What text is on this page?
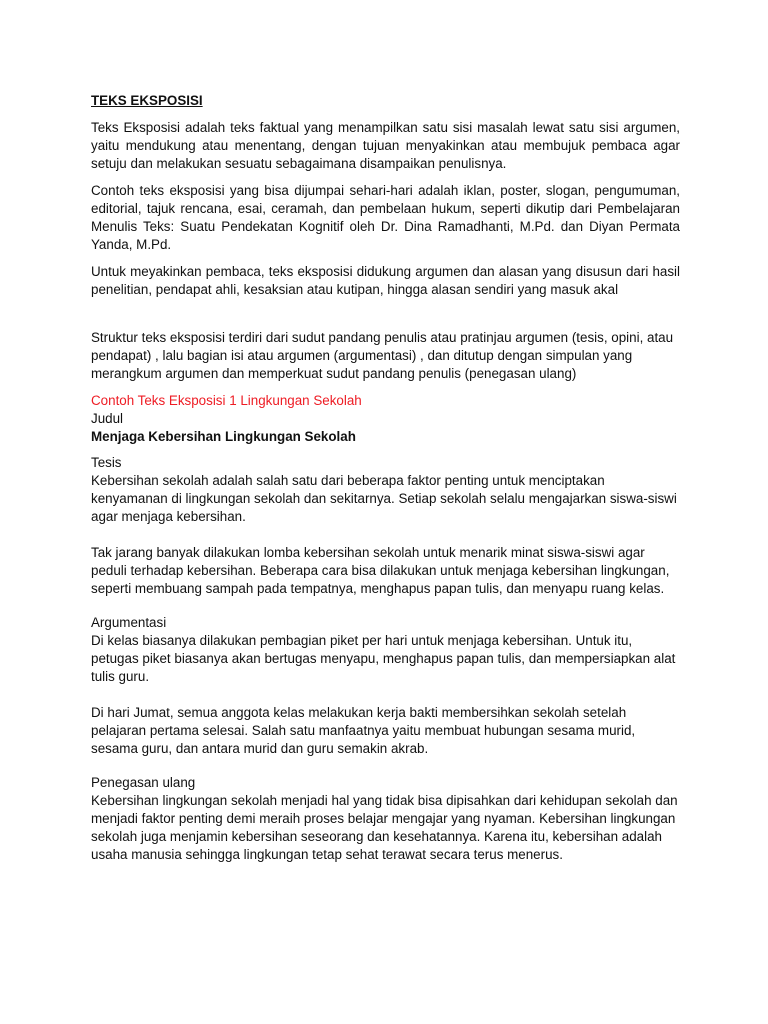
TEKS EKSPOSISI

Teks Eksposisi adalah teks faktual yang menampilkan satu sisi masalah lewat satu sisi argumen, yaitu mendukung atau menentang, dengan tujuan menyakinkan atau membujuk pembaca agar setuju dan melakukan sesuatu sebagaimana disampaikan penulisnya.

Contoh teks eksposisi yang bisa dijumpai sehari-hari adalah iklan, poster, slogan, pengumuman, editorial, tajuk rencana, esai, ceramah, dan pembelaan hukum, seperti dikutip dari Pembelajaran Menulis Teks: Suatu Pendekatan Kognitif oleh Dr. Dina Ramadhanti, M.Pd. dan Diyan Permata Yanda, M.Pd.

Untuk meyakinkan pembaca, teks eksposisi didukung argumen dan alasan yang disusun dari hasil penelitian, pendapat ahli, kesaksian atau kutipan, hingga alasan sendiri yang masuk akal

Struktur teks eksposisi terdiri dari sudut pandang penulis atau pratinjau argumen (tesis, opini, atau pendapat) , lalu bagian isi atau argumen (argumentasi) , dan ditutup dengan simpulan yang merangkum argumen dan memperkuat sudut pandang penulis (penegasan ulang)

Contoh Teks Eksposisi 1 Lingkungan Sekolah

Judul

Menjaga Kebersihan Lingkungan Sekolah

Tesis

Kebersihan sekolah adalah salah satu dari beberapa faktor penting untuk menciptakan kenyamanan di lingkungan sekolah dan sekitarnya. Setiap sekolah selalu mengajarkan siswa-siswi agar menjaga kebersihan.

Tak jarang banyak dilakukan lomba kebersihan sekolah untuk menarik minat siswa-siswi agar peduli terhadap kebersihan. Beberapa cara bisa dilakukan untuk menjaga kebersihan lingkungan, seperti membuang sampah pada tempatnya, menghapus papan tulis, dan menyapu ruang kelas.

Argumentasi

Di kelas biasanya dilakukan pembagian piket per hari untuk menjaga kebersihan. Untuk itu, petugas piket biasanya akan bertugas menyapu, menghapus papan tulis, dan mempersiapkan alat tulis guru.

Di hari Jumat, semua anggota kelas melakukan kerja bakti membersihkan sekolah setelah pelajaran pertama selesai. Salah satu manfaatnya yaitu membuat hubungan sesama murid, sesama guru, dan antara murid dan guru semakin akrab.

Penegasan ulang

Kebersihan lingkungan sekolah menjadi hal yang tidak bisa dipisahkan dari kehidupan sekolah dan menjadi faktor penting demi meraih proses belajar mengajar yang nyaman. Kebersihan lingkungan sekolah juga menjamin kebersihan seseorang dan kesehatannya. Karena itu, kebersihan adalah usaha manusia sehingga lingkungan tetap sehat terawat secara terus menerus.
